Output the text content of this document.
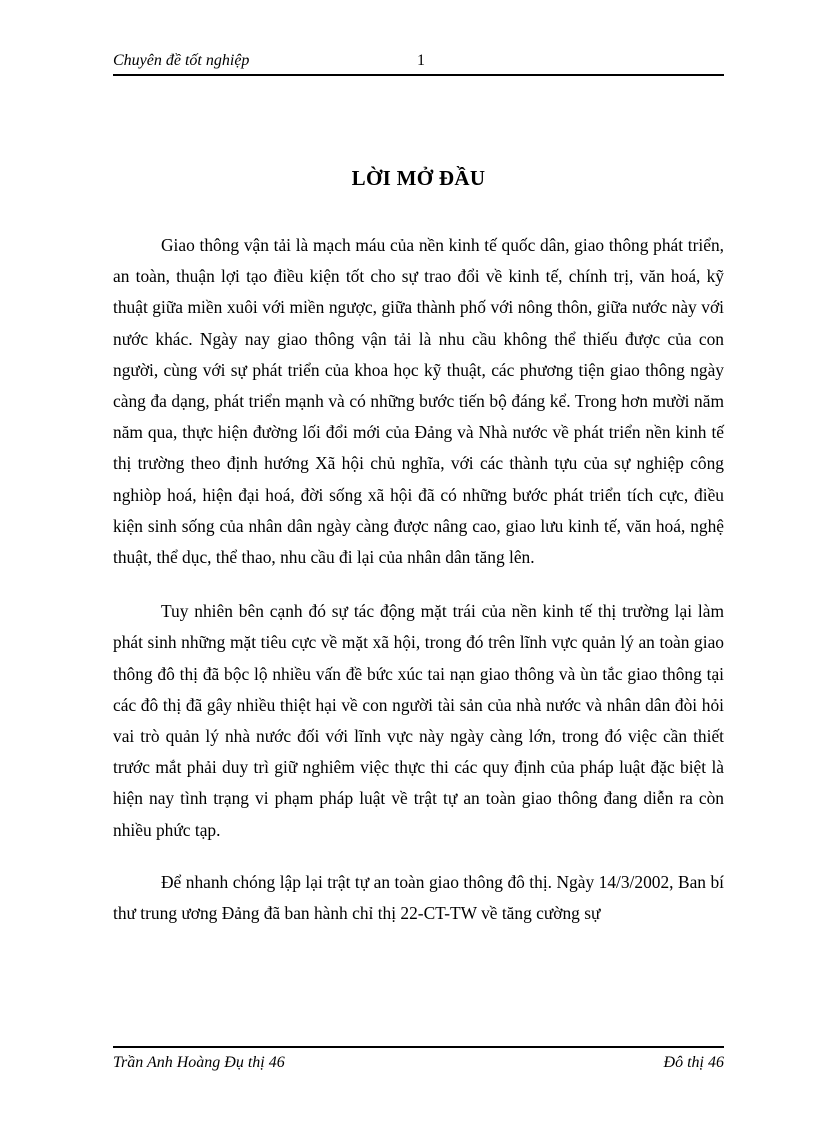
Chuyên đề tốt nghiệp	1
LỜI MỞ ĐẦU

Giao thông vận tải là mạch máu của nền kinh tế quốc dân, giao thông phát triển, an toàn, thuận lợi tạo điều kiện tốt cho sự trao đổi về kinh tế, chính trị, văn hoá, kỹ thuật giữa miền xuôi với miền ngược, giữa thành phố với nông thôn, giữa nước này với nước khác. Ngày nay giao thông vận tải là nhu cầu không thể thiếu được của con người, cùng với sự phát triển của khoa học kỹ thuật, các phương tiện giao thông ngày càng đa dạng, phát triển mạnh và có những bước tiến bộ đáng kể. Trong hơn mười năm năm qua, thực hiện đường lối đổi mới của Đảng và Nhà nước về phát triển nền kinh tế thị trường theo định hướng Xã hội chủ nghĩa, với các thành tựu của sự nghiệp công nghiòp hoá, hiện đại hoá, đời sống xã hội đã có những bước phát triển tích cực, điều kiện sinh sống của nhân dân ngày càng được nâng cao, giao lưu kinh tế, văn hoá, nghệ thuật, thể dục, thể thao, nhu cầu đi lại của nhân dân tăng lên.

Tuy nhiên bên cạnh đó sự tác động mặt trái của nền kinh tế thị trường lại làm phát sinh những mặt tiêu cực về mặt xã hội, trong đó trên lĩnh vực quản lý an toàn giao thông đô thị đã bộc lộ nhiều vấn đề bức xúc tai nạn giao thông và ùn tắc giao thông tại các đô thị đã gây nhiều thiệt hại về con người tài sản của nhà nước và nhân dân đòi hỏi vai trò quản lý nhà nước đối với lĩnh vực này ngày càng lớn, trong đó việc cần thiết trước mắt phải duy trì giữ nghiêm việc thực thi các quy định của pháp luật đặc biệt là hiện nay tình trạng vi phạm pháp luật về trật tự an toàn giao thông đang diễn ra còn nhiều phức tạp.

Để nhanh chóng lập lại trật tự an toàn giao thông đô thị. Ngày 14/3/2002, Ban bí thư trung ương Đảng đã ban hành chỉ thị 22-CT-TW về tăng cường sự

Trần Anh Hoàng Đụ thị 46	Đô thị 46
